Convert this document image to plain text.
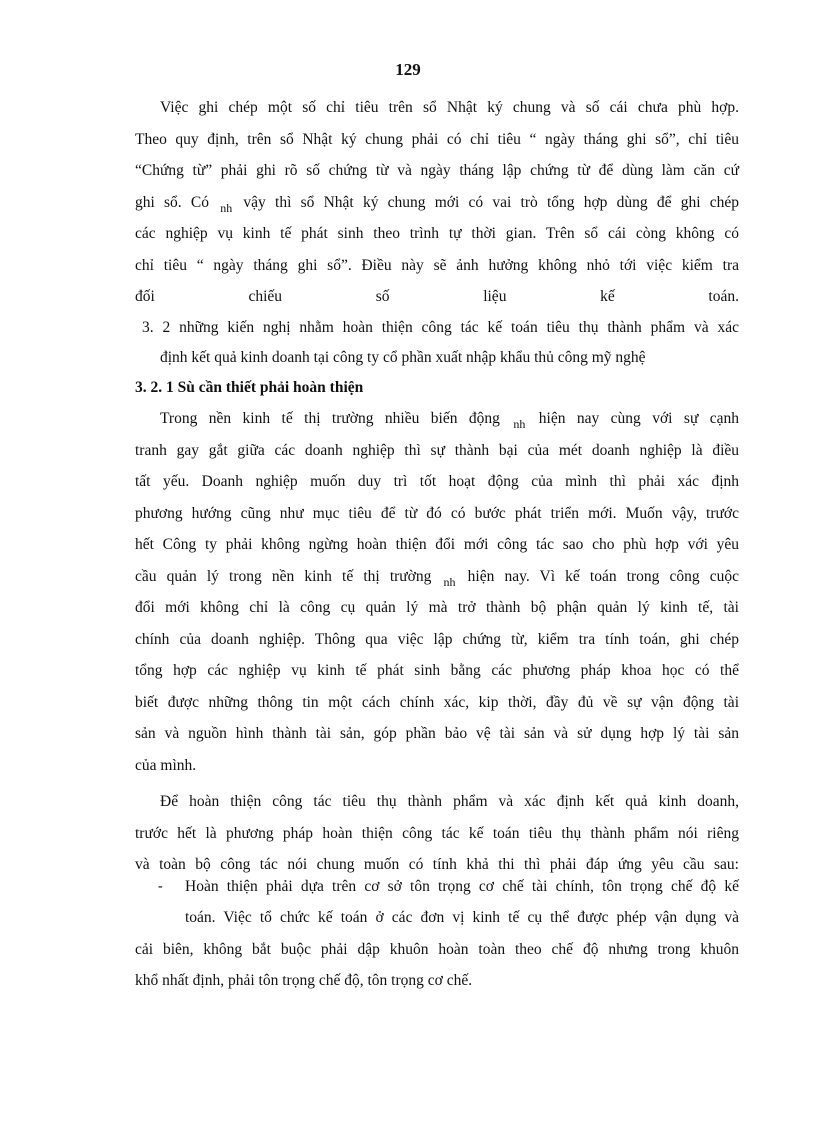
129
Việc ghi chép một số chỉ tiêu trên sổ Nhật ký chung và số cái chưa phù hợp.
Theo quy định, trên sổ Nhật ký chung phải có chỉ tiêu “ ngày tháng ghi sổ”, chỉ tiêu
“Chứng từ” phải ghi rõ số chứng từ và ngày tháng lập chứng từ để dùng làm căn cứ
ghi sổ. Có $_{nh}$ vậy thì sổ Nhật ký chung mới có vai trò tổng hợp dùng để ghi chép
các nghiệp vụ kinh tế phát sinh theo trình tự thời gian. Trên sổ cái còng không có
chỉ tiêu “ ngày tháng ghi sổ”. Điều này sẽ ảnh hưởng không nhỏ tới việc kiểm tra
đối chiếu số liệu kế toán.
3. 2 những kiến nghị nhằm hoàn thiện công tác kế toán tiêu thụ thành phẩm và xác
định kết quả kinh doanh tại công ty cổ phần xuất nhập khẩu thủ công mỹ nghệ
3. 2. 1 Sù cần thiết phải hoàn thiện
Trong nền kinh tế thị trường nhiều biến động $_{nh}$ hiện nay cùng với sự cạnh
tranh gay gắt giữa các doanh nghiệp thì sự thành bại của mét doanh nghiệp là điều
tất yếu. Doanh nghiệp muốn duy trì tốt hoạt động của mình thì phải xác định
phương hướng cũng như mục tiêu để từ đó có bước phát triển mới. Muốn vậy, trước
hết Công ty phải không ngừng hoàn thiện đổi mới công tác sao cho phù hợp với yêu
cầu quản lý trong nền kinh tế thị trường $_{nh}$ hiện nay. Vì kế toán trong công cuộc
đổi mới không chỉ là công cụ quản lý mà trở thành bộ phận quản lý kinh tế, tài
chính của doanh nghiệp. Thông qua việc lập chứng từ, kiểm tra tính toán, ghi chép
tổng hợp các nghiệp vụ kinh tế phát sinh bằng các phương pháp khoa học có thể
biết được những thông tin một cách chính xác, kip thời, đầy đủ về sự vận động tài
sản và nguồn hình thành tài sản, góp phần bảo vệ tài sản và sử dụng hợp lý tài sản
của mình.
Để hoàn thiện công tác tiêu thụ thành phẩm và xác định kết quả kinh doanh,
trước hết là phương pháp hoàn thiện công tác kế toán tiêu thụ thành phẩm nói riêng
và toàn bộ công tác nói chung muốn có tính khả thi thì phải đáp ứng yêu cầu sau:
- Hoàn thiện phải dựa trên cơ sở tôn trọng cơ chế tài chính, tôn trọng chế độ kế
toán. Việc tổ chức kế toán ở các đơn vị kinh tế cụ thể được phép vận dụng và
cải biên, không bắt buộc phải dập khuôn hoàn toàn theo chế độ nhưng trong khuôn
khổ nhất định, phải tôn trọng chế độ, tôn trọng cơ chế.
